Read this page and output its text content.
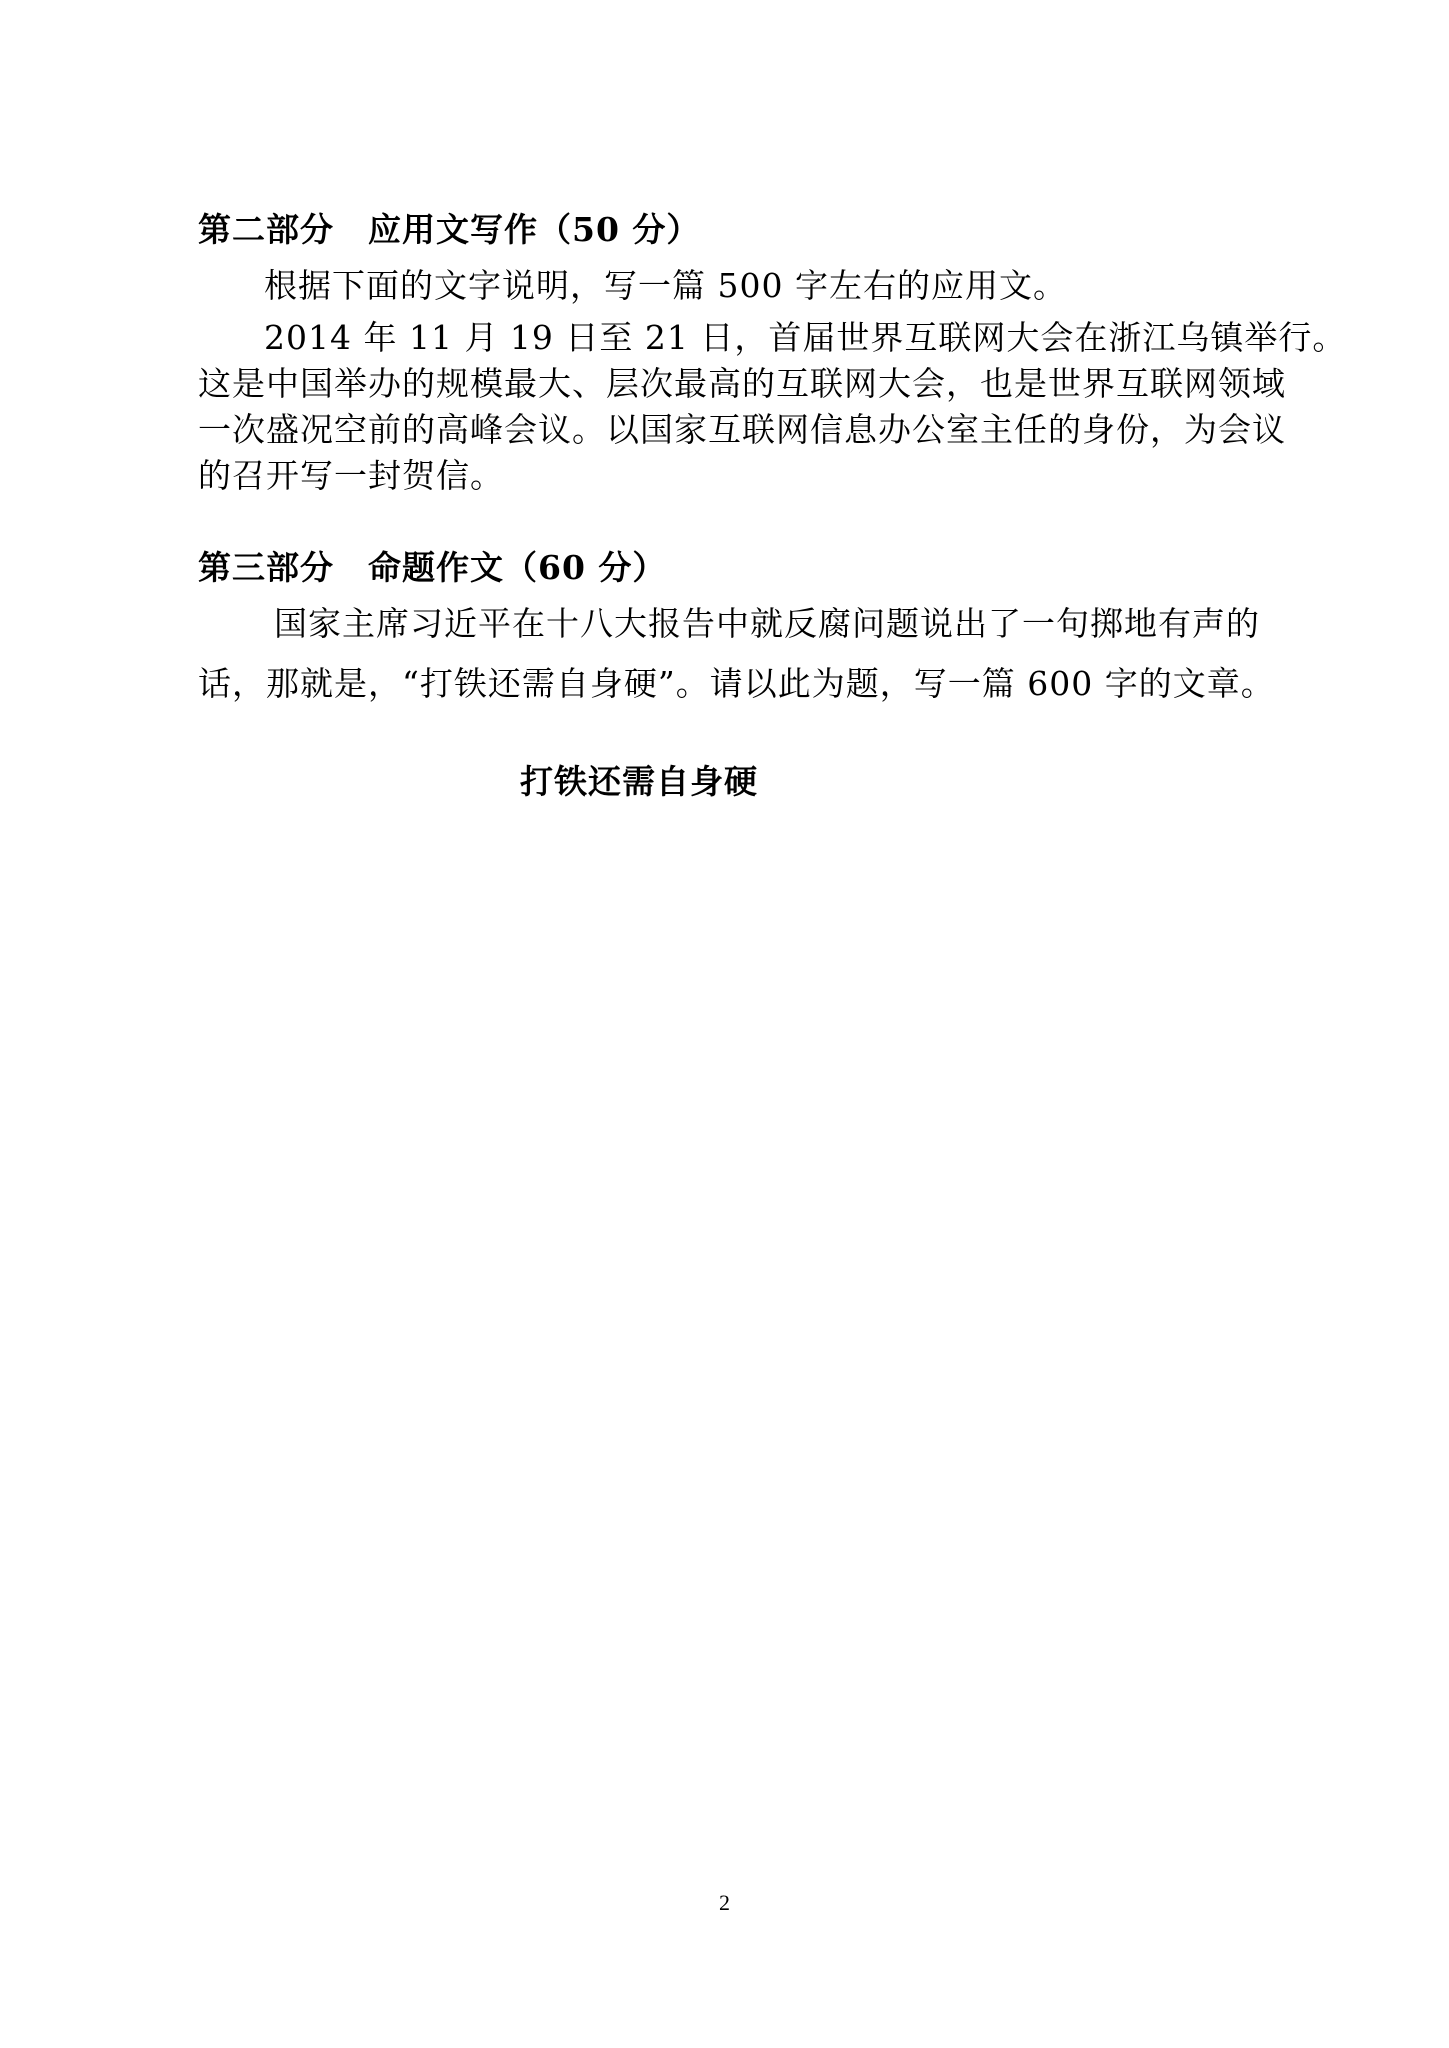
第二部分　应用文写作（50 分）
根据下面的文字说明，写一篇 500 字左右的应用文。
2014 年 11 月 19 日至 21 日，首届世界互联网大会在浙江乌镇举行。
这是中国举办的规模最大、层次最高的互联网大会，也是世界互联网领域
一次盛况空前的高峰会议。以国家互联网信息办公室主任的身份，为会议
的召开写一封贺信。
第三部分　命题作文（60 分）
国家主席习近平在十八大报告中就反腐问题说出了一句掷地有声的
话，那就是，“打铁还需自身硬”。请以此为题，写一篇 600 字的文章。
打铁还需自身硬
2
